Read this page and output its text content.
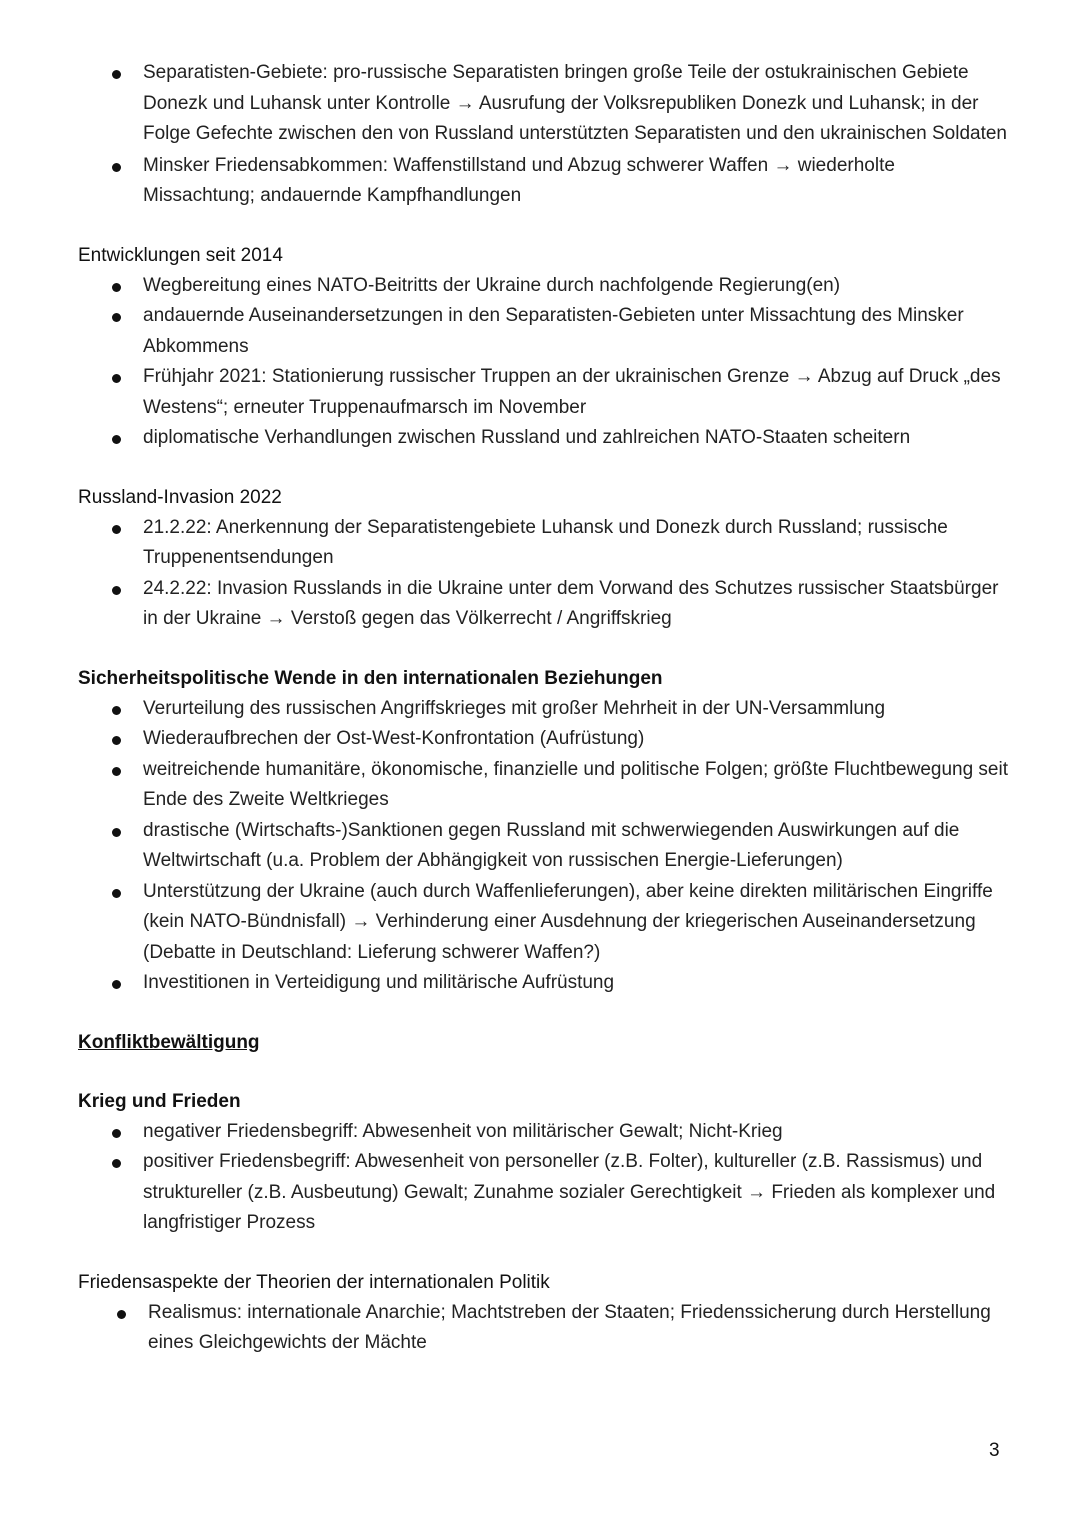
Separatisten-Gebiete: pro-russische Separatisten bringen große Teile der ostukrainischen Gebiete Donezk und Luhansk unter Kontrolle → Ausrufung der Volksrepubliken Donezk und Luhansk; in der Folge Gefechte zwischen den von Russland unterstützten Separatisten und den ukrainischen Soldaten
Minsker Friedensabkommen: Waffenstillstand und Abzug schwerer Waffen → wiederholte Missachtung; andauernde Kampfhandlungen
Entwicklungen seit 2014
Wegbereitung eines NATO-Beitritts der Ukraine durch nachfolgende Regierung(en)
andauernde Auseinandersetzungen in den Separatisten-Gebieten unter Missachtung des Minsker Abkommens
Frühjahr 2021: Stationierung russischer Truppen an der ukrainischen Grenze → Abzug auf Druck „des Westens“; erneuter Truppenaufmarsch im November
diplomatische Verhandlungen zwischen Russland und zahlreichen NATO-Staaten scheitern
Russland-Invasion 2022
21.2.22: Anerkennung der Separatistengebiete Luhansk und Donezk durch Russland; russische Truppenentsendungen
24.2.22: Invasion Russlands in die Ukraine unter dem Vorwand des Schutzes russischer Staatsbürger in der Ukraine → Verstoß gegen das Völkerrecht / Angriffskrieg
Sicherheitspolitische Wende in den internationalen Beziehungen
Verurteilung des russischen Angriffskrieges mit großer Mehrheit in der UN-Versammlung
Wiederaufbrechen der Ost-West-Konfrontation (Aufrüstung)
weitreichende humanitäre, ökonomische, finanzielle und politische Folgen; größte Fluchtbewegung seit Ende des Zweite Weltkrieges
drastische (Wirtschafts-)Sanktionen gegen Russland mit schwerwiegenden Auswirkungen auf die Weltwirtschaft (u.a. Problem der Abhängigkeit von russischen Energie-Lieferungen)
Unterstützung der Ukraine (auch durch Waffenlieferungen), aber keine direkten militärischen Eingriffe (kein NATO-Bündnisfall) → Verhinderung einer Ausdehnung der kriegerischen Auseinandersetzung (Debatte in Deutschland: Lieferung schwerer Waffen?)
Investitionen in Verteidigung und militärische Aufrüstung
Konfliktbewältigung
Krieg und Frieden
negativer Friedensbegriff: Abwesenheit von militärischer Gewalt; Nicht-Krieg
positiver Friedensbegriff: Abwesenheit von personeller (z.B. Folter), kultureller (z.B. Rassismus) und struktureller (z.B. Ausbeutung) Gewalt; Zunahme sozialer Gerechtigkeit → Frieden als komplexer und langfristiger Prozess
Friedensaspekte der Theorien der internationalen Politik
Realismus: internationale Anarchie; Machtstreben der Staaten; Friedenssicherung durch Herstellung eines Gleichgewichts der Mächte
3
